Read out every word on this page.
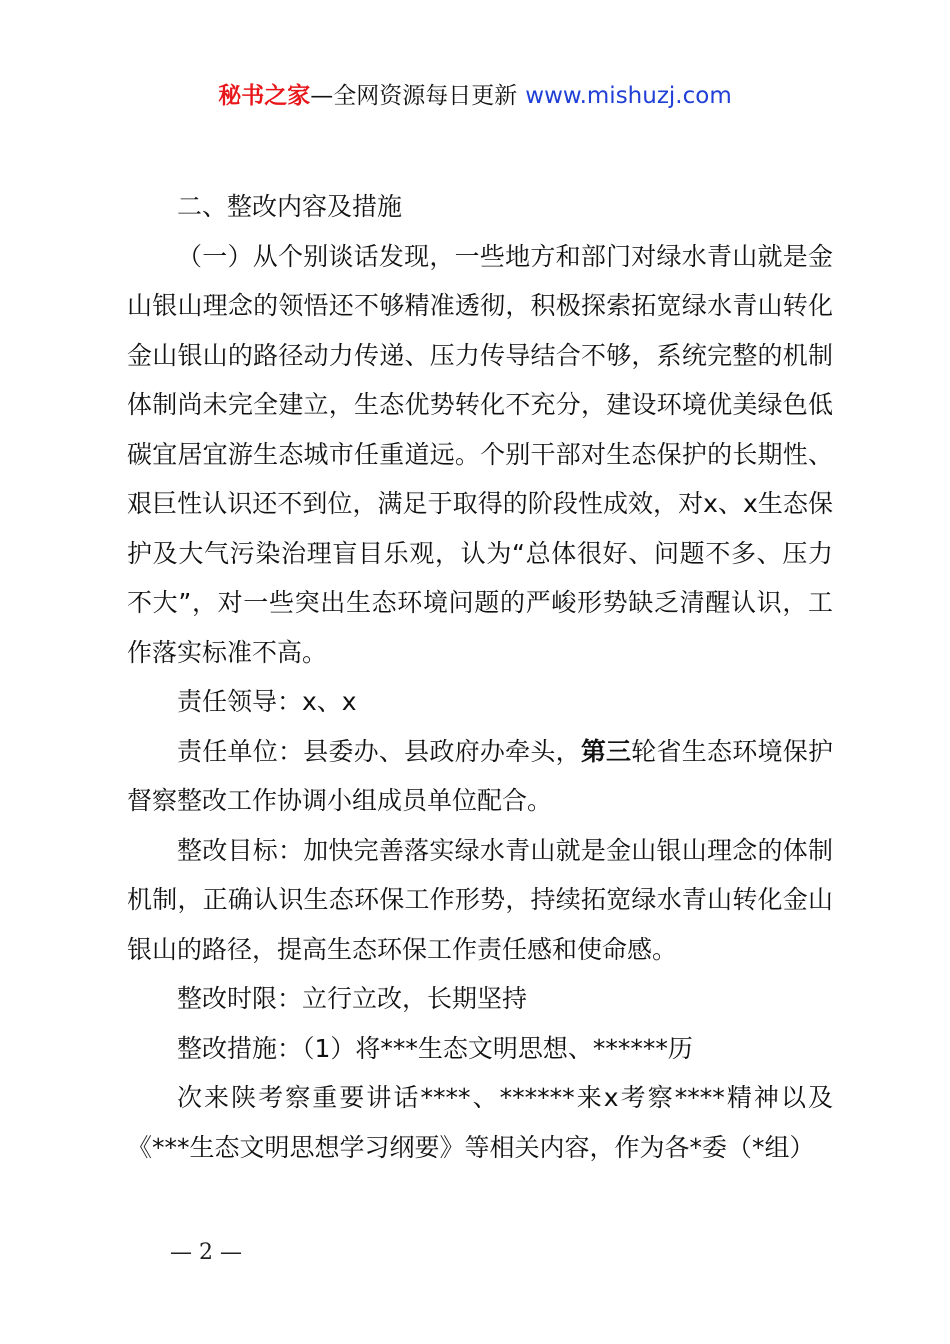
秘书之家—全网资源每日更新 www.mishuzj.com

二、整改内容及措施

（一）从个别谈话发现，一些地方和部门对绿水青山就是金山银山理念的领悟还不够精准透彻，积极探索拓宽绿水青山转化金山银山的路径动力传递、压力传导结合不够，系统完整的机制体制尚未完全建立，生态优势转化不充分，建设环境优美绿色低碳宜居宜游生态城市任重道远。个别干部对生态保护的长期性、艰巨性认识还不到位，满足于取得的阶段性成效，对x、x生态保护及大气污染治理盲目乐观，认为“总体很好、问题不多、压力不大”，对一些突出生态环境问题的严峻形势缺乏清醒认识，工作落实标准不高。

责任领导：x、x

责任单位：县委办、县政府办牵头，第三轮省生态环境保护督察整改工作协调小组成员单位配合。

整改目标：加快完善落实绿水青山就是金山银山理念的体制机制，正确认识生态环保工作形势，持续拓宽绿水青山转化金山银山的路径，提高生态环保工作责任感和使命感。

整改时限：立行立改，长期坚持

整改措施：（1）将***生态文明思想、******历

次来陕考察重要讲话****、******来x考察****精神以及《***生态文明思想学习纲要》等相关内容，作为各*委（*组）

— 2 —
